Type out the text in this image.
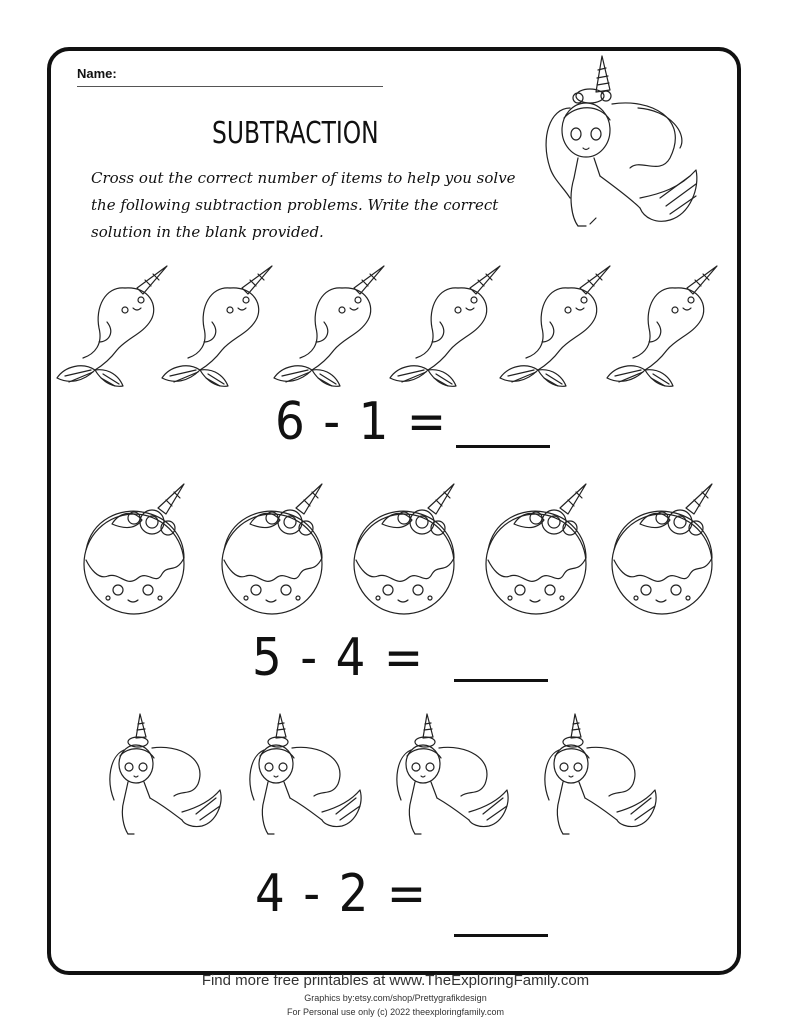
Name:
SUBTRACTION
Cross out the correct number of items to help you solve
the following subtraction problems. Write the correct
solution in the blank provided.
6 - 1 =
5 - 4 =
4 - 2 =
Find more free printables at www.TheExploringFamily.com
Graphics by:etsy.com/shop/Prettygrafikdesign
For Personal use only (c) 2022 theexploringfamily.com
